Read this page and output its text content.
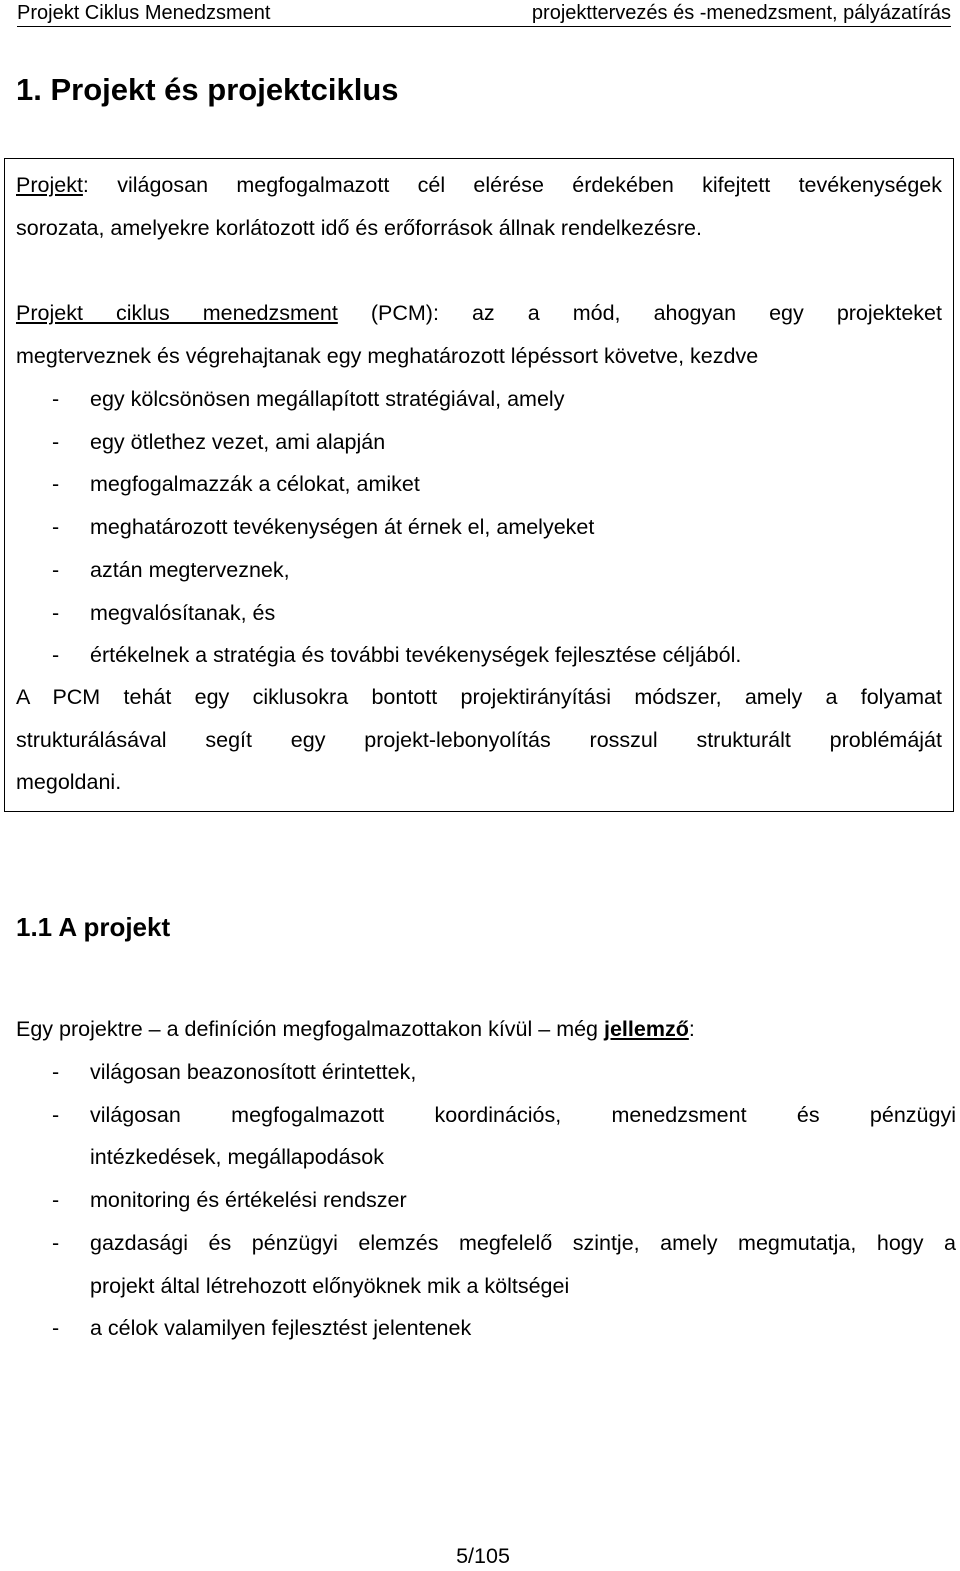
Projekt Ciklus Menedzsment	projekttervezés és -menedzsment, pályázatírás
1. Projekt és projektciklus

Projekt: világosan megfogalmazott cél elérése érdekében kifejtett tevékenységek
sorozata, amelyekre korlátozott idő és erőforrások állnak rendelkezésre.

Projekt ciklus menedzsment (PCM): az a mód, ahogyan egy projekteket
megterveznek és végrehajtanak egy meghatározott lépéssort követve, kezdve

- egy kölcsönösen megállapított stratégiával, amely
- egy ötlethez vezet, ami alapján
- megfogalmazzák a célokat, amiket
- meghatározott tevékenységen át érnek el, amelyeket
- aztán megterveznek,
- megvalósítanak, és
- értékelnek a stratégia és további tevékenységek fejlesztése céljából.

A PCM tehát egy ciklusokra bontott projektirányítási módszer, amely a folyamat
strukturálásával segít egy projekt-lebonyolítás rosszul strukturált problémáját
megoldani.

1.1 A projekt

Egy projektre – a definíción megfogalmazottakon kívül – még jellemző:

- világosan beazonosított érintettek,
- világosan megfogalmazott koordinációs, menedzsment és pénzügyi
intézkedések, megállapodások
- monitoring és értékelési rendszer
- gazdasági és pénzügyi elemzés megfelelő szintje, amely megmutatja, hogy a
projekt által létrehozott előnyöknek mik a költségei
- a célok valamilyen fejlesztést jelentenek
5/105
